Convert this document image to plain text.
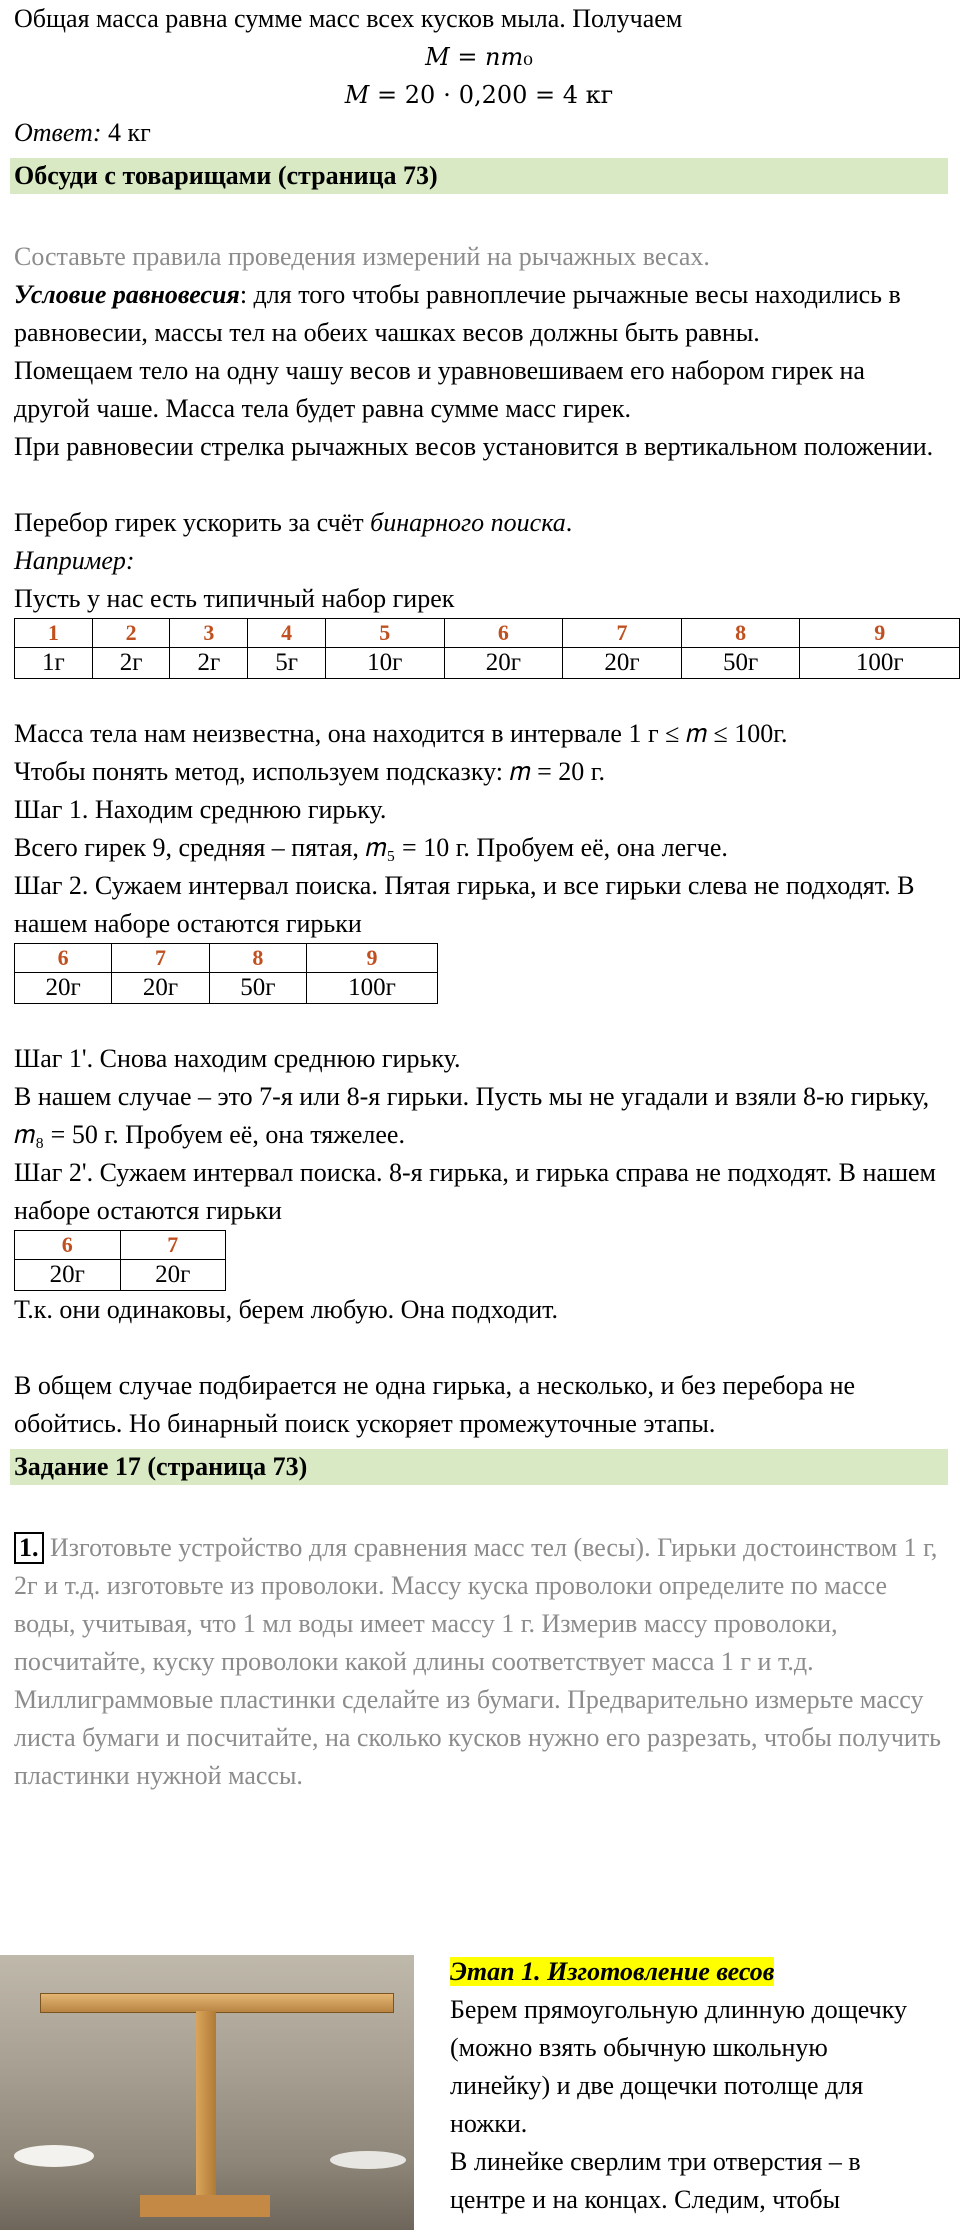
Общая масса равна сумме масс всех кусков мыла. Получаем

𝑀 = 𝑛𝑚₀

𝑀 = 20 ⋅ 0,200 = 4 кг

Ответ: 4 кг

Обсуди с товарищами (страница 73)

Составьте правила проведения измерений на рычажных весах.

Условие равновесия: для того чтобы равноплечие рычажные весы находились в равновесии, массы тел на обеих чашках весов должны быть равны.

Помещаем тело на одну чашу весов и уравновешиваем его набором гирек на другой чаше. Масса тела будет равна сумме масс гирек.

При равновесии стрелка рычажных весов установится в вертикальном положении.

Перебор гирек ускорить за счёт бинарного поиска.

Например:

Пусть у нас есть типичный набор гирек

1	2	3	4	5	6	7	8	9
1г	2г	2г	5г	10г	20г	20г	50г	100г

Масса тела нам неизвестна, она находится в интервале 1 г ≤ 𝑚 ≤ 100г.

Чтобы понять метод, используем подсказку: 𝑚 = 20 г.

Шаг 1. Находим среднюю гирьку.

Всего гирек 9, средняя – пятая, 𝑚₅ = 10 г. Пробуем её, она легче.

Шаг 2. Сужаем интервал поиска. Пятая гирька, и все гирьки слева не подходят. В нашем наборе остаются гирьки

6	7	8	9
20г	20г	50г	100г

Шаг 1'. Снова находим среднюю гирьку.

В нашем случае – это 7-я или 8-я гирьки. Пусть мы не угадали и взяли 8-ю гирьку, 𝑚₈ = 50 г. Пробуем её, она тяжелее.

Шаг 2'. Сужаем интервал поиска. 8-я гирька, и гирька справа не подходят. В нашем наборе остаются гирьки

6	7
20г	20г

Т.к. они одинаковы, берем любую. Она подходит.

В общем случае подбирается не одна гирька, а несколько, и без перебора не обойтись. Но бинарный поиск ускоряет промежуточные этапы.

Задание 17 (страница 73)

1. Изготовьте устройство для сравнения масс тел (весы). Гирьки достоинством 1 г, 2г и т.д. изготовьте из проволоки. Массу куска проволоки определите по массе воды, учитывая, что 1 мл воды имеет массу 1 г. Измерив массу проволоки, посчитайте, куску проволоки какой длины соответствует масса 1 г и т.д. Миллиграммовые пластинки сделайте из бумаги. Предварительно измерьте массу листа бумаги и посчитайте, на сколько кусков нужно его разрезать, чтобы получить пластинки нужной массы.

Этап 1. Изготовление весов

Берем прямоугольную длинную дощечку (можно взять обычную школьную линейку) и две дощечки потолще для ножки.

В линейке сверлим три отверстия – в центре и на концах. Следим, чтобы
